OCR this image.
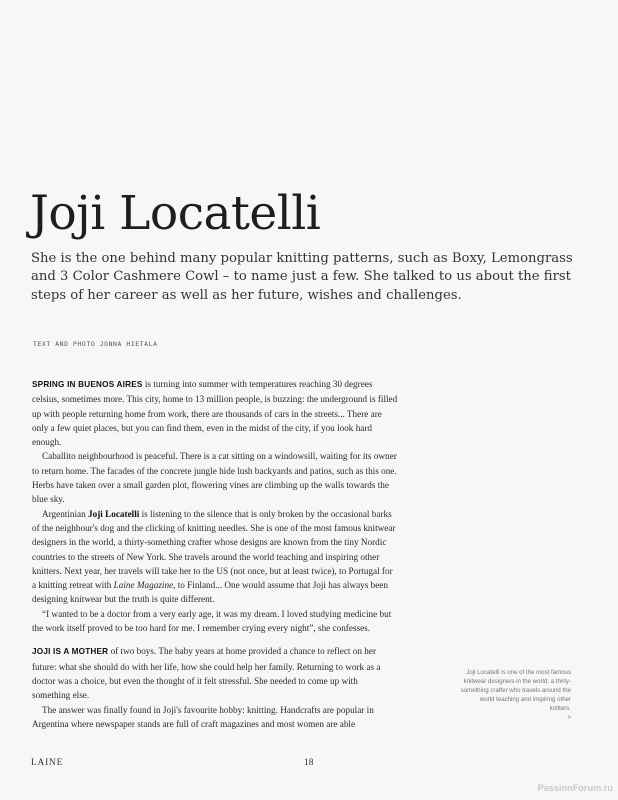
Joji Locatelli

She is the one behind many popular knitting patterns, such as Boxy, Lemongrass and 3 Color Cashmere Cowl – to name just a few. She talked to us about the first steps of her career as well as her future, wishes and challenges.

TEXT AND PHOTO JONNA HIETALA

SPRING IN BUENOS AIRES is turning into summer with temperatures reaching 30 degrees celsius, sometimes more. This city, home to 13 million people, is buzzing: the underground is filled up with people returning home from work, there are thousands of cars in the streets... There are only a few quiet places, but you can find them, even in the midst of the city, if you look hard enough.

Caballito neighbourhood is peaceful. There is a cat sitting on a windowsill, waiting for its owner to return home. The facades of the concrete jungle hide lush backyards and patios, such as this one. Herbs have taken over a small garden plot, flowering vines are climbing up the walls towards the blue sky.

Argentinian Joji Locatelli is listening to the silence that is only broken by the occasional barks of the neighbour's dog and the clicking of knitting needles. She is one of the most famous knitwear designers in the world, a thirty-something crafter whose designs are known from the tiny Nordic countries to the streets of New York. She travels around the world teaching and inspiring other knitters. Next year, her travels will take her to the US (not once, but at least twice), to Portugal for a knitting retreat with Laine Magazine, to Finland... One would assume that Joji has always been designing knitwear but the truth is quite different.

“I wanted to be a doctor from a very early age, it was my dream. I loved studying medicine but the work itself proved to be too hard for me. I remember crying every night”, she confesses.

JOJI IS A MOTHER of two boys. The baby years at home provided a chance to reflect on her future: what she should do with her life, how she could help her family. Returning to work as a doctor was a choice, but even the thought of it felt stressful. She needed to come up with something else.

The answer was finally found in Joji's favourite hobby: knitting. Handcrafts are popular in Argentina where newspaper stands are full of craft magazines and most women are able

Joji Locatelli is one of the most famous knitwear designers in the world, a thirty-something crafter who travels around the world teaching and inspiring other knitters.
>

LAINE	18
PassionForum.ru
